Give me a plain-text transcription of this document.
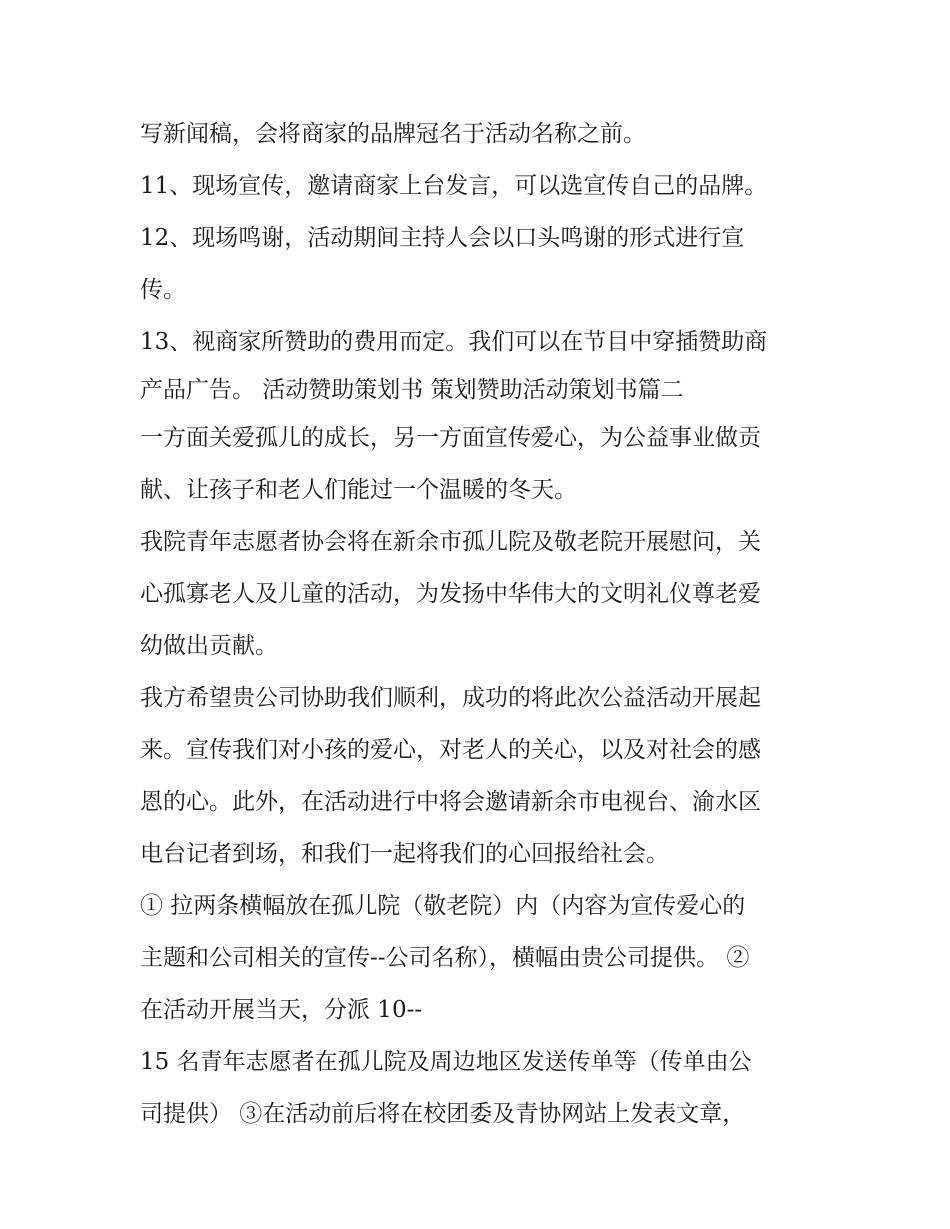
写新闻稿，会将商家的品牌冠名于活动名称之前。
11、现场宣传，邀请商家上台发言，可以选宣传自己的品牌。
12、现场鸣谢，活动期间主持人会以口头鸣谢的形式进行宣
传。
13、视商家所赞助的费用而定。我们可以在节目中穿插赞助商
产品广告。 活动赞助策划书 策划赞助活动策划书篇二
一方面关爱孤儿的成长，另一方面宣传爱心，为公益事业做贡
献、让孩子和老人们能过一个温暖的冬天。
我院青年志愿者协会将在新余市孤儿院及敬老院开展慰问，关
心孤寡老人及儿童的活动，为发扬中华伟大的文明礼仪尊老爱
幼做出贡献。
我方希望贵公司协助我们顺利，成功的将此次公益活动开展起
来。宣传我们对小孩的爱心，对老人的关心，以及对社会的感
恩的心。此外，在活动进行中将会邀请新余市电视台、渝水区
电台记者到场，和我们一起将我们的心回报给社会。
① 拉两条横幅放在孤儿院（敬老院）内（内容为宣传爱心的
主题和公司相关的宣传--公司名称），横幅由贵公司提供。 ②
在活动开展当天，分派 10--
15 名青年志愿者在孤儿院及周边地区发送传单等（传单由公
司提供） ③在活动前后将在校团委及青协网站上发表文章，
